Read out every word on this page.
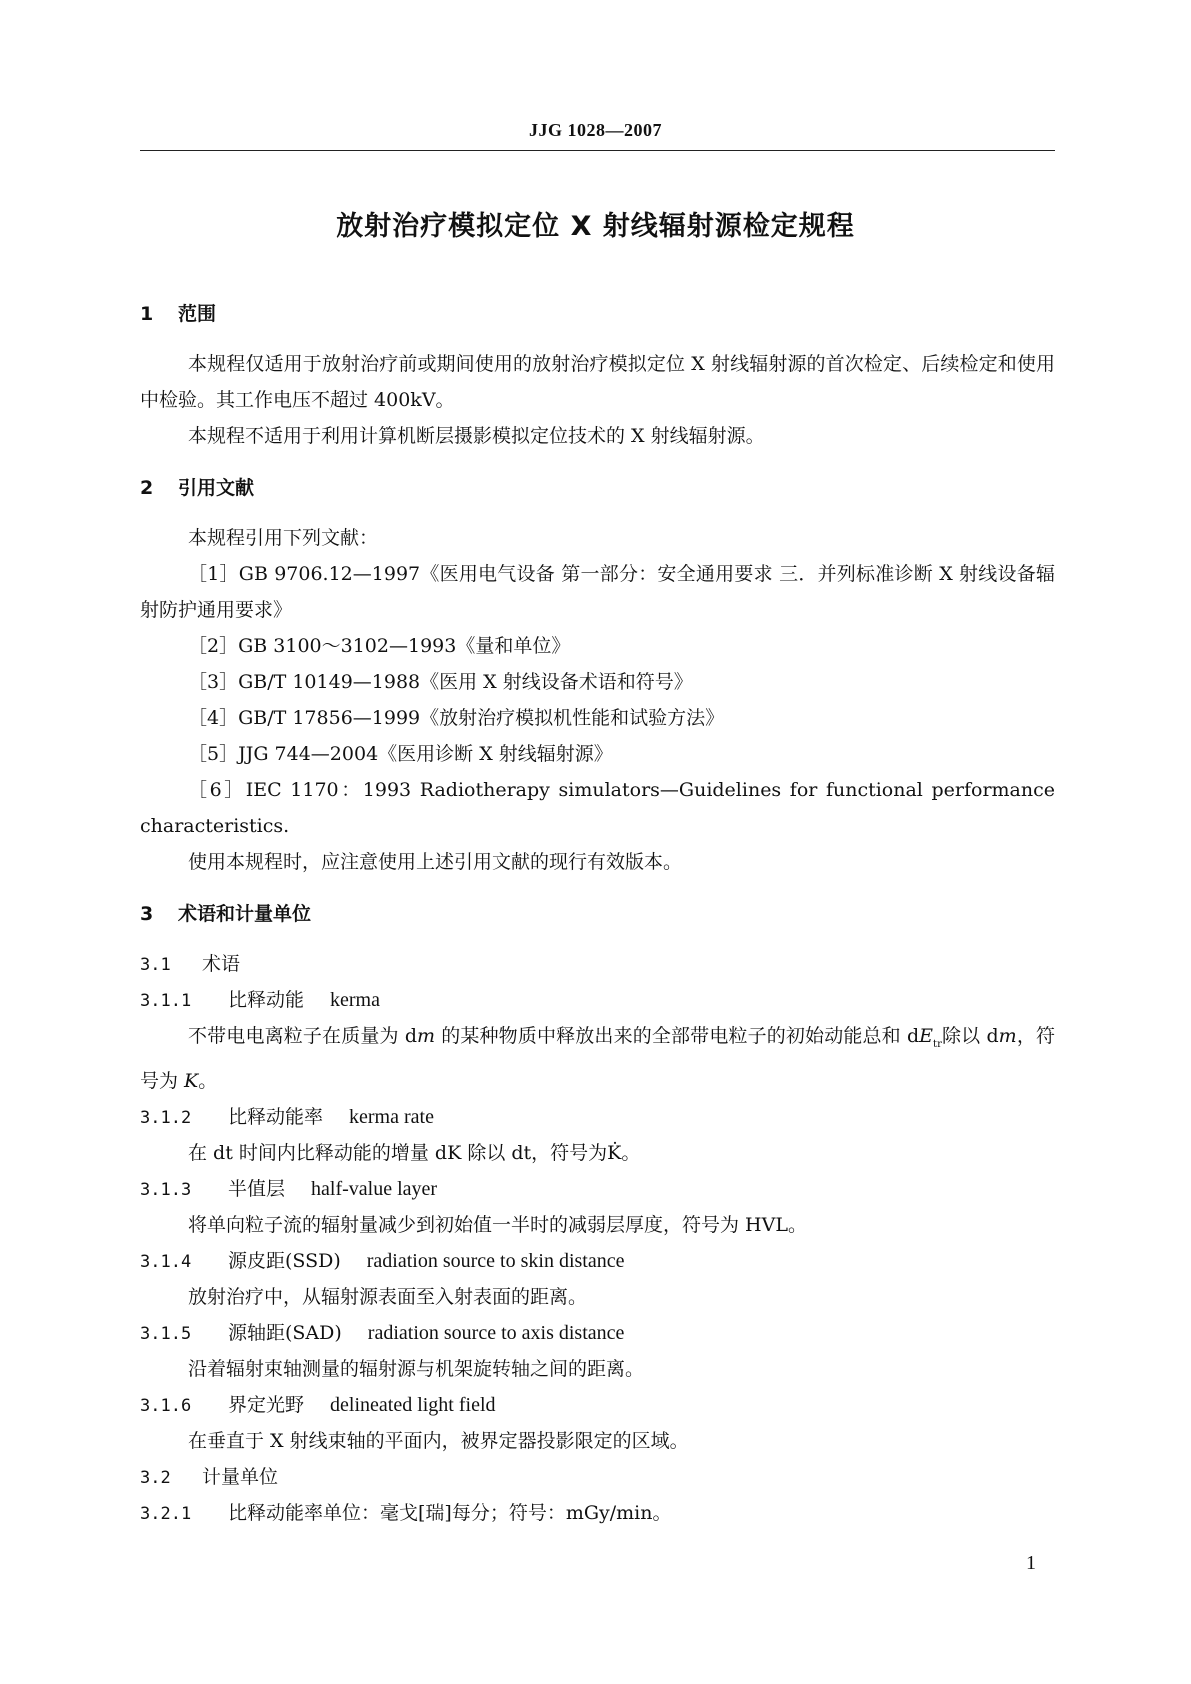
JJG 1028—2007
放射治疗模拟定位 X 射线辐射源检定规程
1 范围
本规程仅适用于放射治疗前或期间使用的放射治疗模拟定位 X 射线辐射源的首次检定、后续检定和使用中检验。其工作电压不超过 400kV。
本规程不适用于利用计算机断层摄影模拟定位技术的 X 射线辐射源。
2 引用文献
本规程引用下列文献：
［1］GB 9706.12—1997《医用电气设备 第一部分：安全通用要求 三．并列标准诊断 X 射线设备辐射防护通用要求》
［2］GB 3100～3102—1993《量和单位》
［3］GB/T 10149—1988《医用 X 射线设备术语和符号》
［4］GB/T 17856—1999《放射治疗模拟机性能和试验方法》
［5］JJG 744—2004《医用诊断 X 射线辐射源》
［6］IEC 1170：1993 Radiotherapy simulators—Guidelines for functional performance characteristics.
使用本规程时，应注意使用上述引用文献的现行有效版本。
3 术语和计量单位
3.1 术语
3.1.1 比释动能 kerma
不带电电离粒子在质量为 dm 的某种物质中释放出来的全部带电粒子的初始动能总和 $dE_{tr}$除以 dm，符号为 K。
3.1.2 比释动能率 kerma rate
在 dt 时间内比释动能的增量 dK 除以 dt，符号为K̇。
3.1.3 半值层 half-value layer
将单向粒子流的辐射量减少到初始值一半时的减弱层厚度，符号为 HVL。
3.1.4 源皮距(SSD) radiation source to skin distance
放射治疗中，从辐射源表面至入射表面的距离。
3.1.5 源轴距(SAD) radiation source to axis distance
沿着辐射束轴测量的辐射源与机架旋转轴之间的距离。
3.1.6 界定光野 delineated light field
在垂直于 X 射线束轴的平面内，被界定器投影限定的区域。
3.2 计量单位
3.2.1 比释动能率单位：毫戈[瑞]每分；符号：mGy/min。
1
